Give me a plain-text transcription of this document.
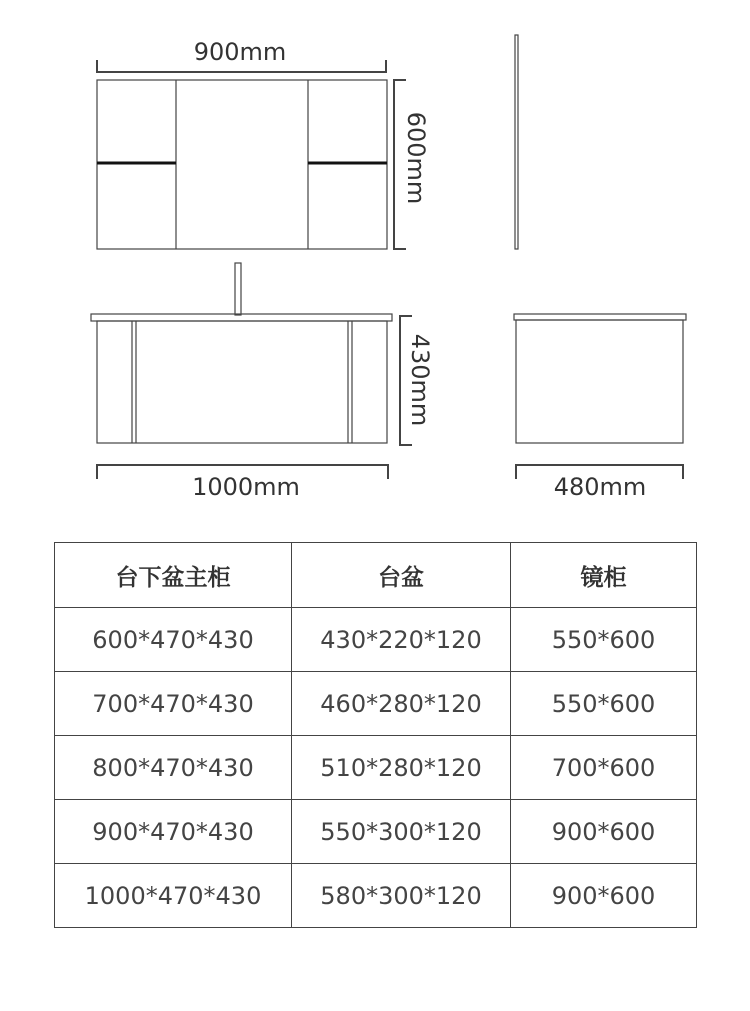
900mm
600mm
430mm
1000mm	480mm
台下盆主柜	台盆	镜柜
600*470*430	430*220*120	550*600
700*470*430	460*280*120	550*600
800*470*430	510*280*120	700*600
900*470*430	550*300*120	900*600
1000*470*430	580*300*120	900*600
